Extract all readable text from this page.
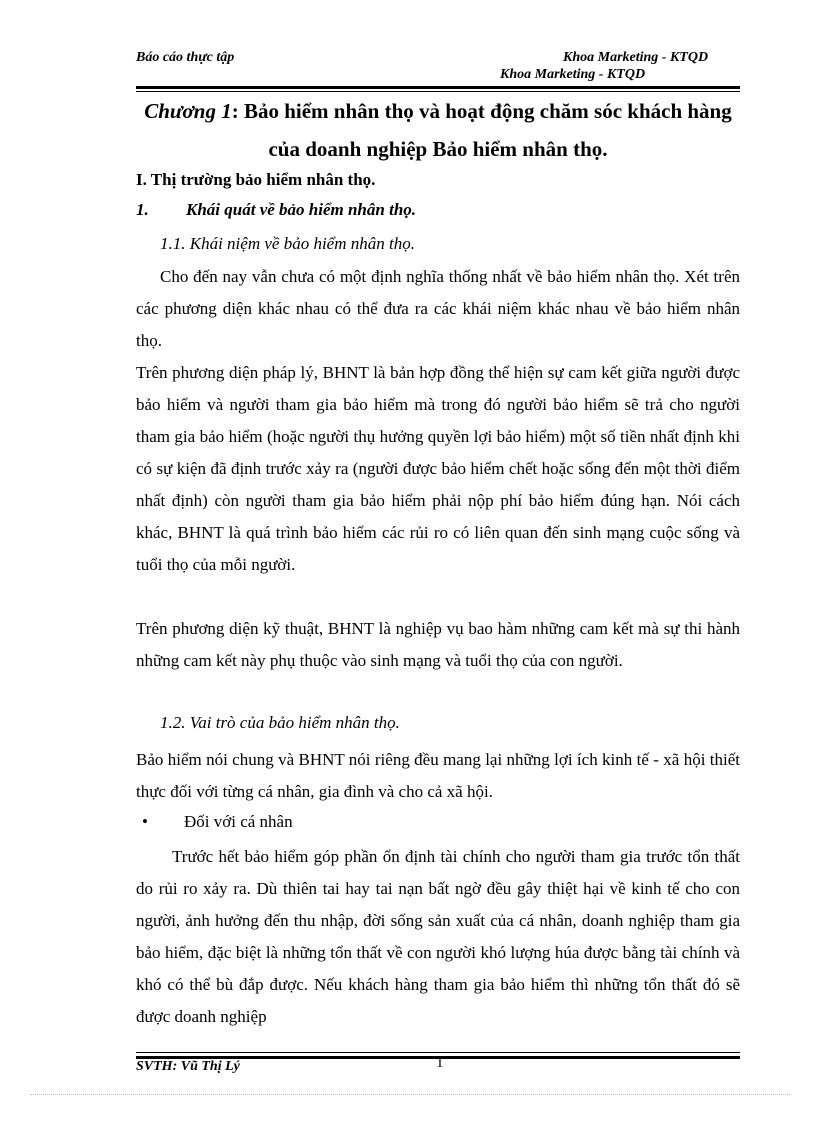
Báo cáo thực tập	Khoa Marketing - KTQD
Khoa Marketing - KTQD
Chương 1: Bảo hiểm nhân thọ và hoạt động chăm sóc khách hàng của doanh nghiệp Bảo hiểm nhân thọ.
I. Thị trường bảo hiểm nhân thọ.
1. Khái quát về bảo hiểm nhân thọ.
1.1. Khái niệm về bảo hiểm nhân thọ.

Cho đến nay vẫn chưa có một định nghĩa thống nhất về bảo hiểm nhân thọ. Xét trên các phương diện khác nhau có thể đưa ra các khái niệm khác nhau về bảo hiểm nhân thọ.

Trên phương diện pháp lý, BHNT là bản hợp đồng thể hiện sự cam kết giữa người được bảo hiểm và người tham gia bảo hiểm mà trong đó người bảo hiểm sẽ trả cho người tham gia bảo hiểm (hoặc người thụ hưởng quyền lợi bảo hiểm) một số tiền nhất định khi có sự kiện đã định trước xảy ra (người được bảo hiểm chết hoặc sống đến một thời điểm nhất định) còn người tham gia bảo hiểm phải nộp phí bảo hiểm đúng hạn. Nói cách khác, BHNT là quá trình bảo hiểm các rủi ro có liên quan đến sinh mạng cuộc sống và tuổi thọ của mỗi người.

Trên phương diện kỹ thuật, BHNT là nghiệp vụ bao hàm những cam kết mà sự thi hành những cam kết này phụ thuộc vào sinh mạng và tuổi thọ của con người.

1.2. Vai trò của bảo hiểm nhân thọ.

Bảo hiểm nói chung và BHNT nói riêng đều mang lại những lợi ích kinh tế - xã hội thiết thực đối với từng cá nhân, gia đình và cho cả xã hội.

• Đối với cá nhân

Trước hết bảo hiểm góp phần ổn định tài chính cho người tham gia trước tổn thất do rủi ro xảy ra. Dù thiên tai hay tai nạn bất ngờ đều gây thiệt hại về kinh tế cho con người, ảnh hưởng đến thu nhập, đời sống sản xuất của cá nhân, doanh nghiệp tham gia bảo hiểm, đặc biệt là những tổn thất về con người khó lượng húa được bằng tài chính và khó có thể bù đắp được. Nếu khách hàng tham gia bảo hiểm thì những tổn thất đó sẽ được doanh nghiệp

SVTH: Vũ Thị Lý	1
